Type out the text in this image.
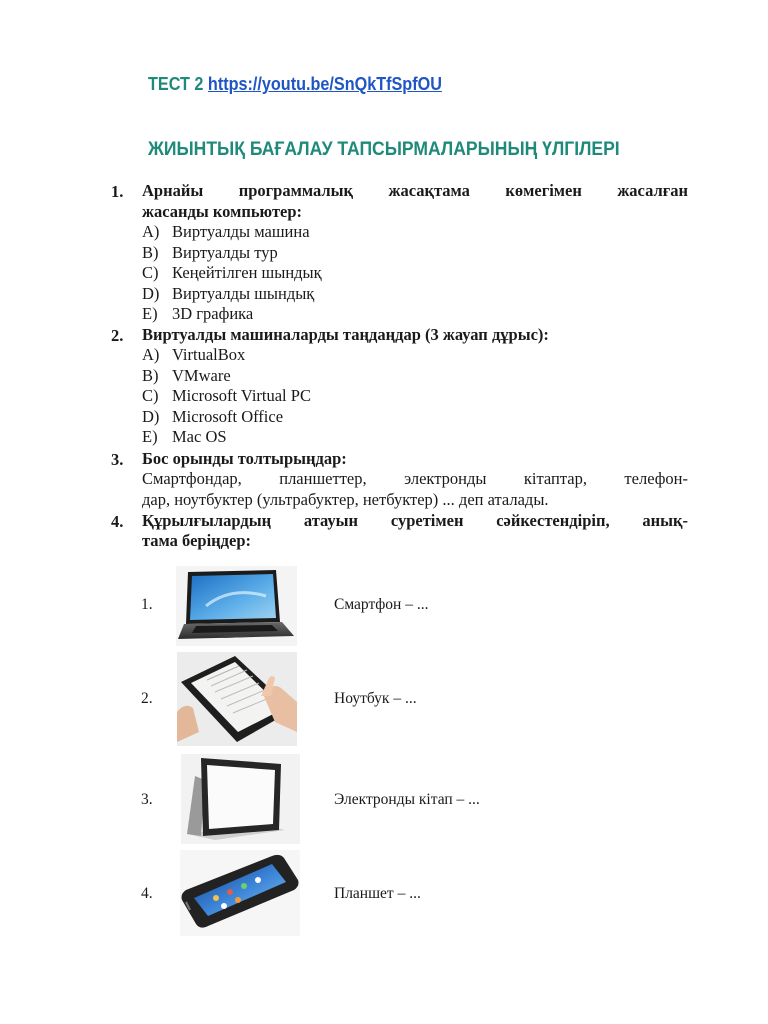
ТЕСТ 2 https://youtu.be/SnQkTfSpfOU
ЖИЫНТЫҚ БАҒАЛАУ ТАПСЫРМАЛАРЫНЫҢ ҮЛГІЛЕРІ
1. Арнайы программалық жасақтама көмегімен жасалған
жасанды компьютер:
A) Виртуалды машина
B) Виртуалды тур
C) Кеңейтілген шындық
D) Виртуалды шындық
E) 3D графика
2. Виртуалды машиналарды таңдаңдар (3 жауап дұрыс):
A) VirtualBox
B) VMware
C) Microsoft Virtual PC
D) Microsoft Office
E) Mac OS
3. Бос орынды толтырыңдар:
Смартфондар, планшеттер, электронды кітаптар, телефон-
дар, ноутбуктер (ультрабуктер, нетбуктер) ... деп аталады.
4. Құрылғылардың атауын суретімен сәйкестендіріп, анық-
тама беріңдер:
1.	Смартфон – ...
2.	Ноутбук – ...
3.	Электронды кітап – ...
4.	Планшет – ...
